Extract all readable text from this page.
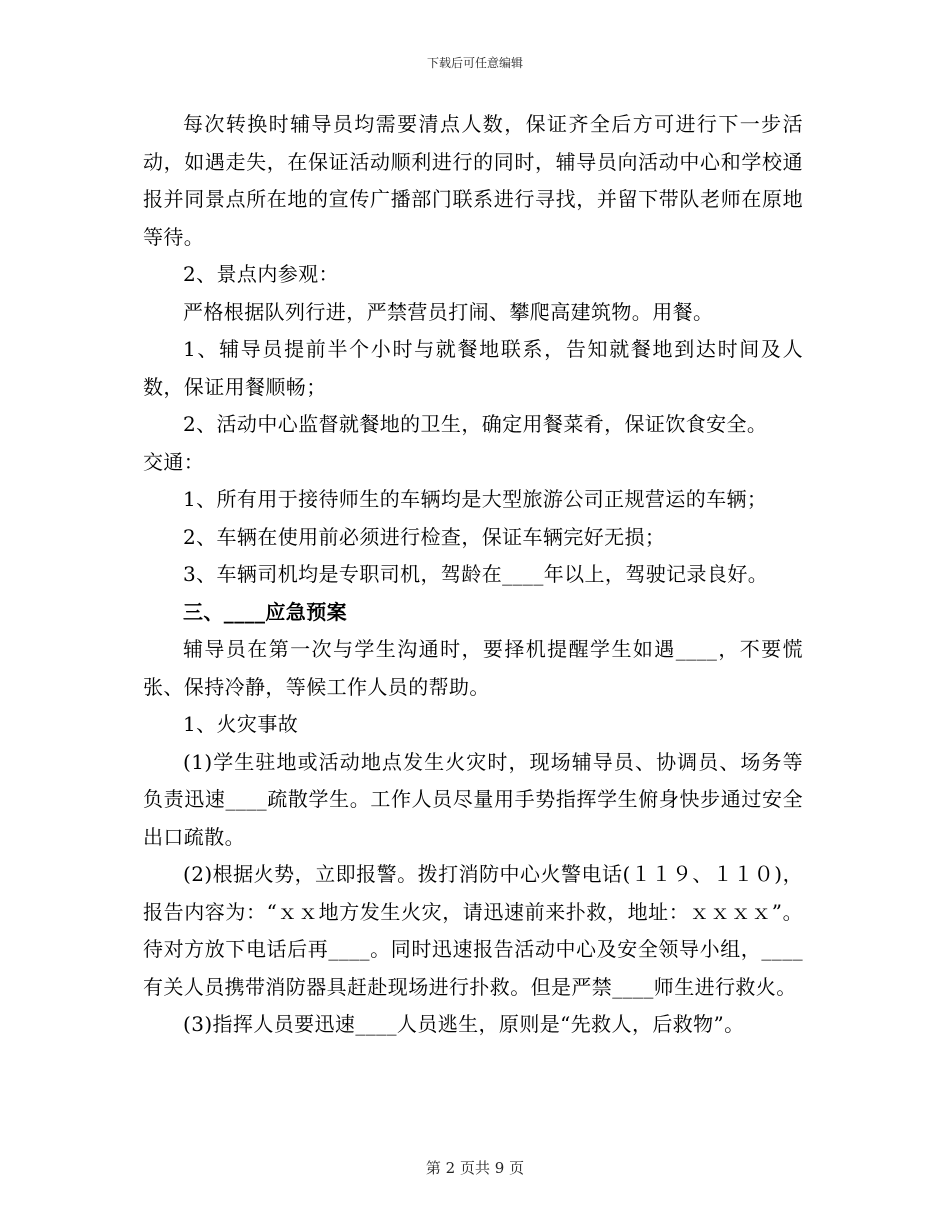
下载后可任意编辑

每次转换时辅导员均需要清点人数，保证齐全后方可进行下一步活动，如遇走失，在保证活动顺利进行的同时，辅导员向活动中心和学校通报并同景点所在地的宣传广播部门联系进行寻找，并留下带队老师在原地等待。

2、景点内参观：

严格根据队列行进，严禁营员打闹、攀爬高建筑物。用餐。

1、辅导员提前半个小时与就餐地联系，告知就餐地到达时间及人数，保证用餐顺畅；

2、活动中心监督就餐地的卫生，确定用餐菜肴，保证饮食安全。

交通：

1、所有用于接待师生的车辆均是大型旅游公司正规营运的车辆；

2、车辆在使用前必须进行检查，保证车辆完好无损；

3、车辆司机均是专职司机，驾龄在____年以上，驾驶记录良好。

三、____应急预案

辅导员在第一次与学生沟通时，要择机提醒学生如遇____，不要慌张、保持冷静，等候工作人员的帮助。

1、火灾事故

(1)学生驻地或活动地点发生火灾时，现场辅导员、协调员、场务等负责迅速____疏散学生。工作人员尽量用手势指挥学生俯身快步通过安全出口疏散。

(2)根据火势，立即报警。拨打消防中心火警电话(１１９、１１０)，报告内容为：“ｘｘ地方发生火灾，请迅速前来扑救，地址：ｘｘｘｘ”。待对方放下电话后再____。同时迅速报告活动中心及安全领导小组，____有关人员携带消防器具赶赴现场进行扑救。但是严禁____师生进行救火。

(3)指挥人员要迅速____人员逃生，原则是“先救人，后救物”。

第 2 页共 9 页
